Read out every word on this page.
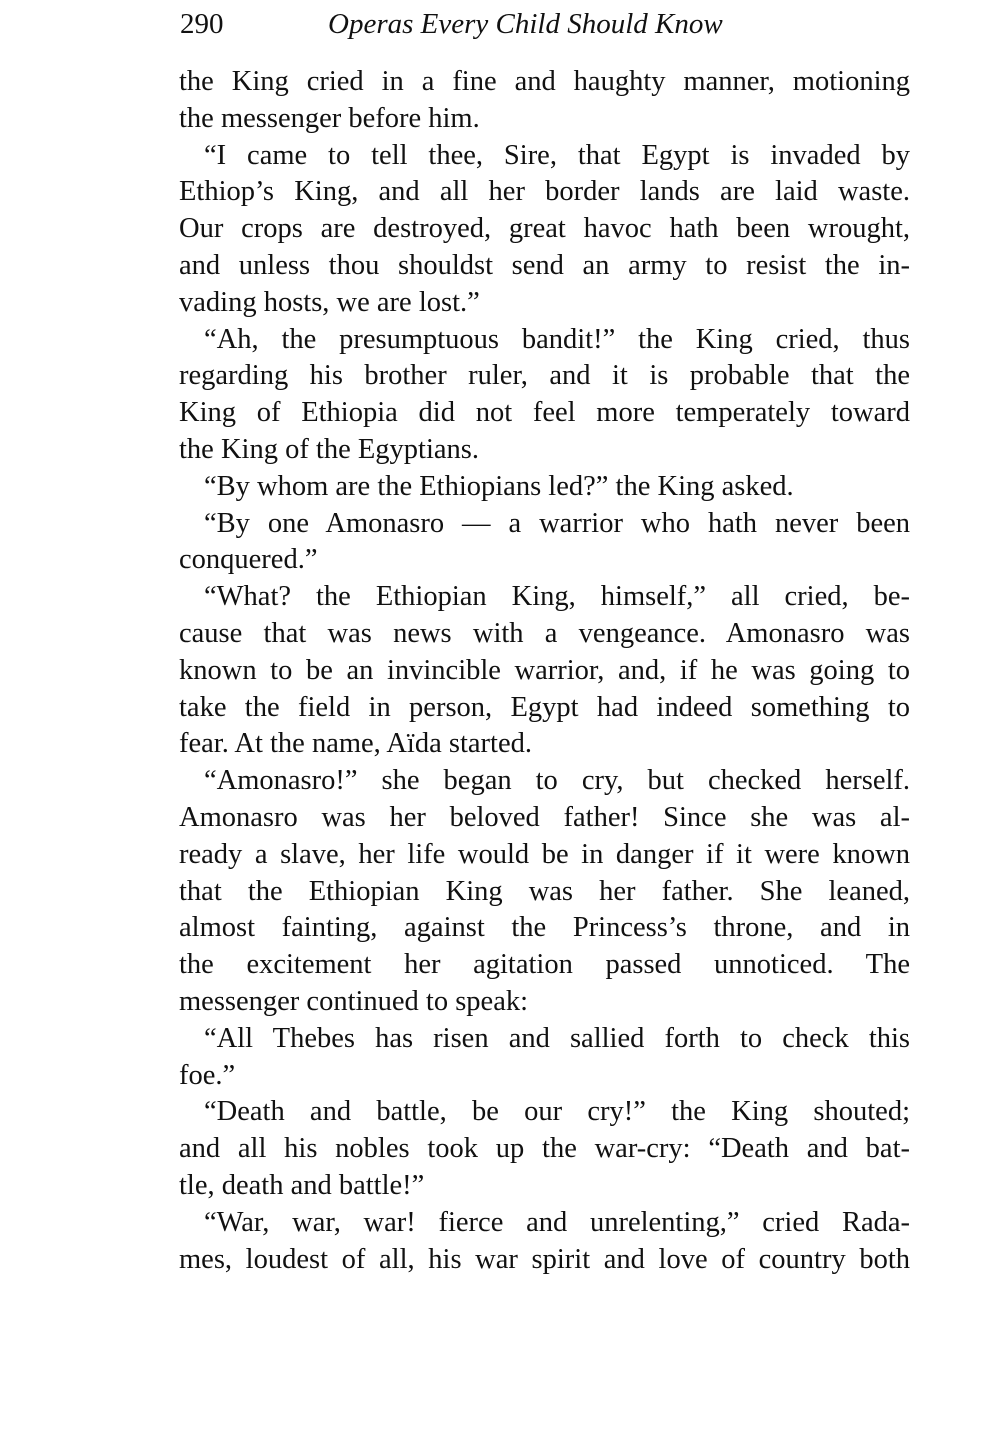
290	Operas Every Child Should Know
the King cried in a fine and haughty manner, motioning
the messenger before him.
“I came to tell thee, Sire, that Egypt is invaded by
Ethiop’s King, and all her border lands are laid waste.
Our crops are destroyed, great havoc hath been wrought,
and unless thou shouldst send an army to resist the in-
vading hosts, we are lost.”
“Ah, the presumptuous bandit!” the King cried, thus
regarding his brother ruler, and it is probable that the
King of Ethiopia did not feel more temperately toward
the King of the Egyptians.
“By whom are the Ethiopians led?” the King asked.
“By one Amonasro — a warrior who hath never been
conquered.”
“What? the Ethiopian King, himself,” all cried, be-
cause that was news with a vengeance. Amonasro was
known to be an invincible warrior, and, if he was going to
take the field in person, Egypt had indeed something to
fear. At the name, Aïda started.
“Amonasro!” she began to cry, but checked herself.
Amonasro was her beloved father! Since she was al-
ready a slave, her life would be in danger if it were known
that the Ethiopian King was her father. She leaned,
almost fainting, against the Princess’s throne, and in
the excitement her agitation passed unnoticed. The
messenger continued to speak:
“All Thebes has risen and sallied forth to check this
foe.”
“Death and battle, be our cry!” the King shouted;
and all his nobles took up the war-cry: “Death and bat-
tle, death and battle!”
“War, war, war! fierce and unrelenting,” cried Rada-
mes, loudest of all, his war spirit and love of country both
